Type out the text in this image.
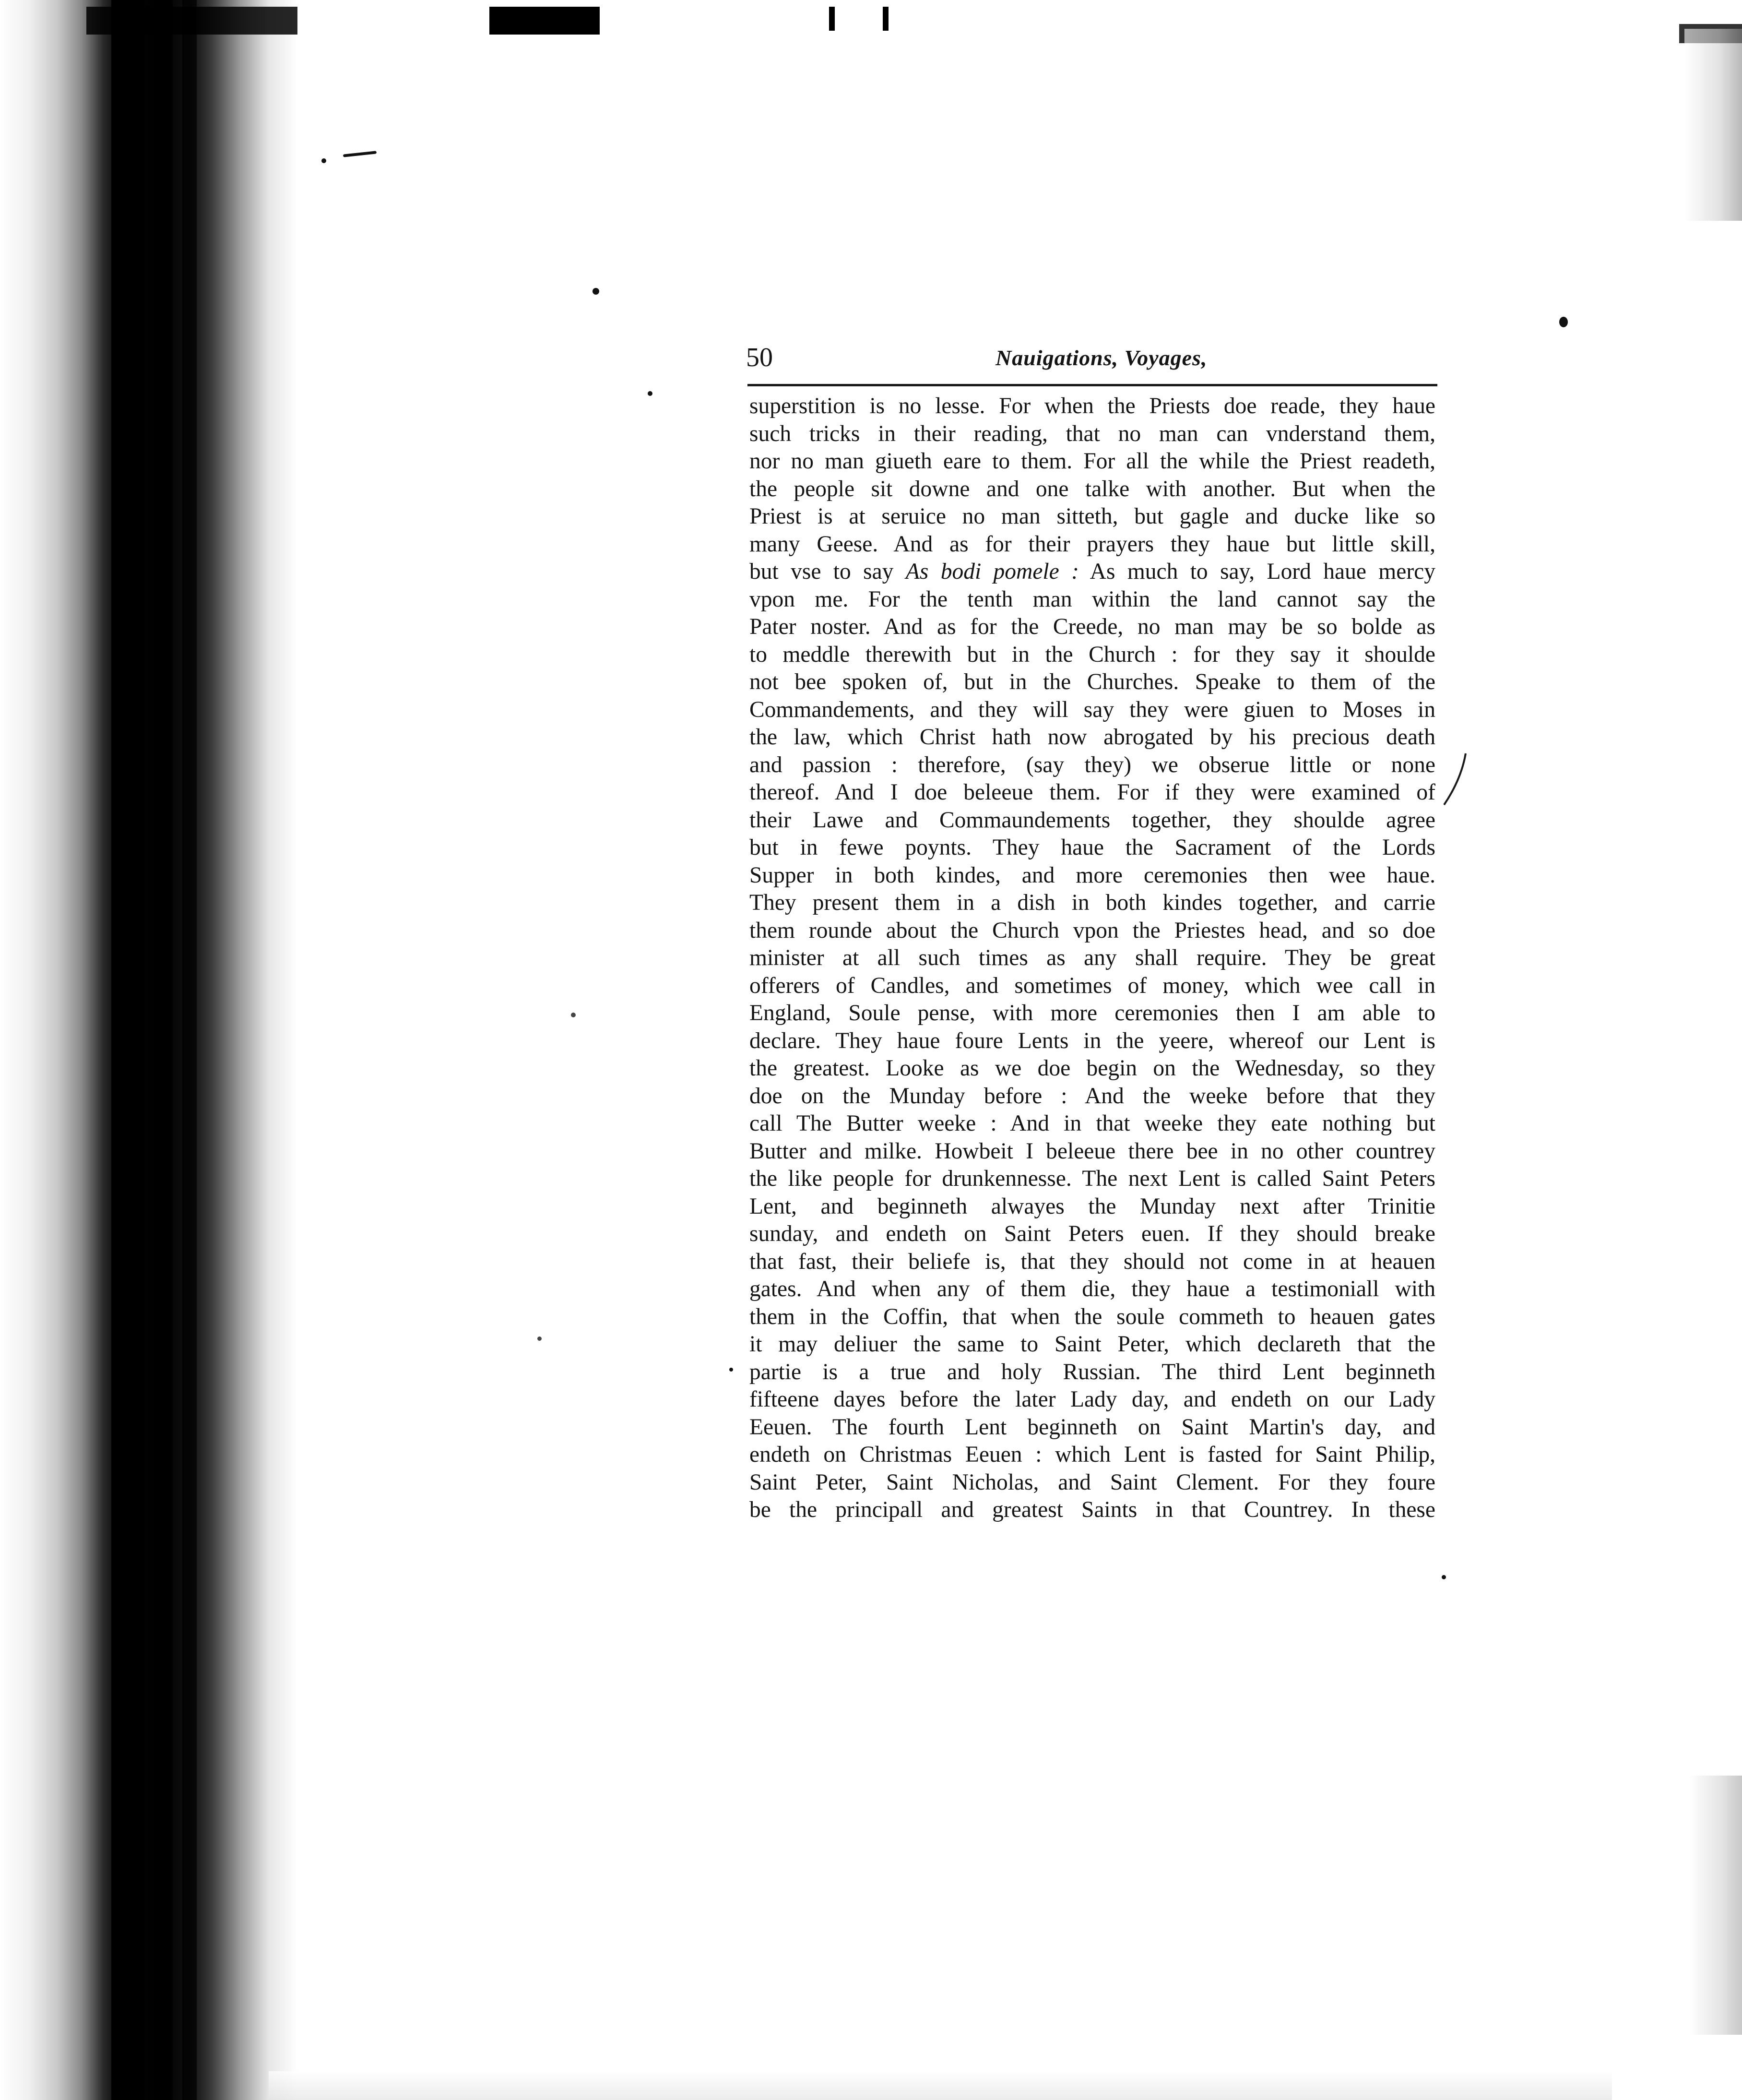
50	Nauigations, Voyages,
superstition is no lesse. For when the Priests doe reade, they haue
such tricks in their reading, that no man can vnderstand them,
nor no man giueth eare to them. For all the while the Priest readeth,
the people sit downe and one talke with another. But when the
Priest is at seruice no man sitteth, but gagle and ducke like so
many Geese. And as for their prayers they haue but little skill,
but vse to say As bodi pomele : As much to say, Lord haue mercy
vpon me. For the tenth man within the land cannot say the
Pater noster. And as for the Creede, no man may be so bolde as
to meddle therewith but in the Church : for they say it shoulde
not bee spoken of, but in the Churches. Speake to them of the
Commandements, and they will say they were giuen to Moses in
the law, which Christ hath now abrogated by his precious death
and passion : therefore, (say they) we obserue little or none
thereof. And I doe beleeue them. For if they were examined of
their Lawe and Commaundements together, they shoulde agree
but in fewe poynts. They haue the Sacrament of the Lords
Supper in both kindes, and more ceremonies then wee haue.
They present them in a dish in both kindes together, and carrie
them rounde about the Church vpon the Priestes head, and so doe
minister at all such times as any shall require. They be great
offerers of Candles, and sometimes of money, which wee call in
England, Soule pense, with more ceremonies then I am able to
declare. They haue foure Lents in the yeere, whereof our Lent is
the greatest. Looke as we doe begin on the Wednesday, so they
doe on the Munday before : And the weeke before that they
call The Butter weeke : And in that weeke they eate nothing but
Butter and milke. Howbeit I beleeue there bee in no other countrey
the like people for drunkennesse. The next Lent is called Saint Peters
Lent, and beginneth alwayes the Munday next after Trinitie
sunday, and endeth on Saint Peters euen. If they should breake
that fast, their beliefe is, that they should not come in at heauen
gates. And when any of them die, they haue a testimoniall with
them in the Coffin, that when the soule commeth to heauen gates
it may deliuer the same to Saint Peter, which declareth that the
partie is a true and holy Russian. The third Lent beginneth
fifteene dayes before the later Lady day, and endeth on our Lady
Eeuen. The fourth Lent beginneth on Saint Martin's day, and
endeth on Christmas Eeuen : which Lent is fasted for Saint Philip,
Saint Peter, Saint Nicholas, and Saint Clement. For they foure
be the principall and greatest Saints in that Countrey. In these
